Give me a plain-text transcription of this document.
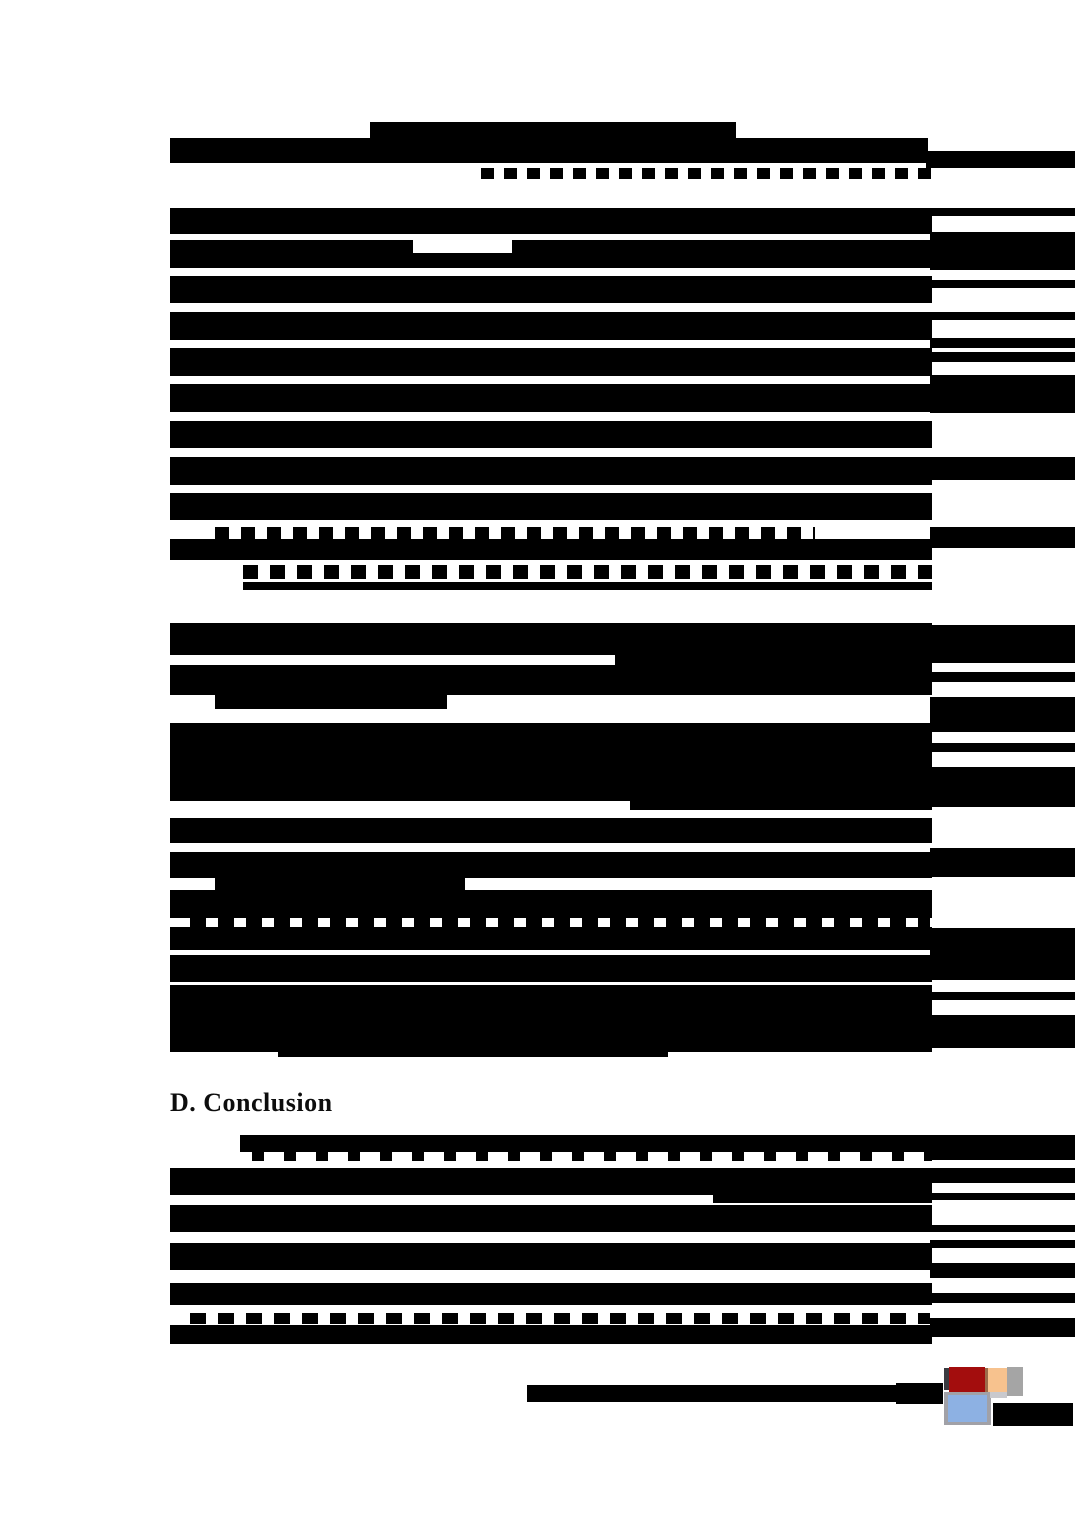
D. Conclusion
